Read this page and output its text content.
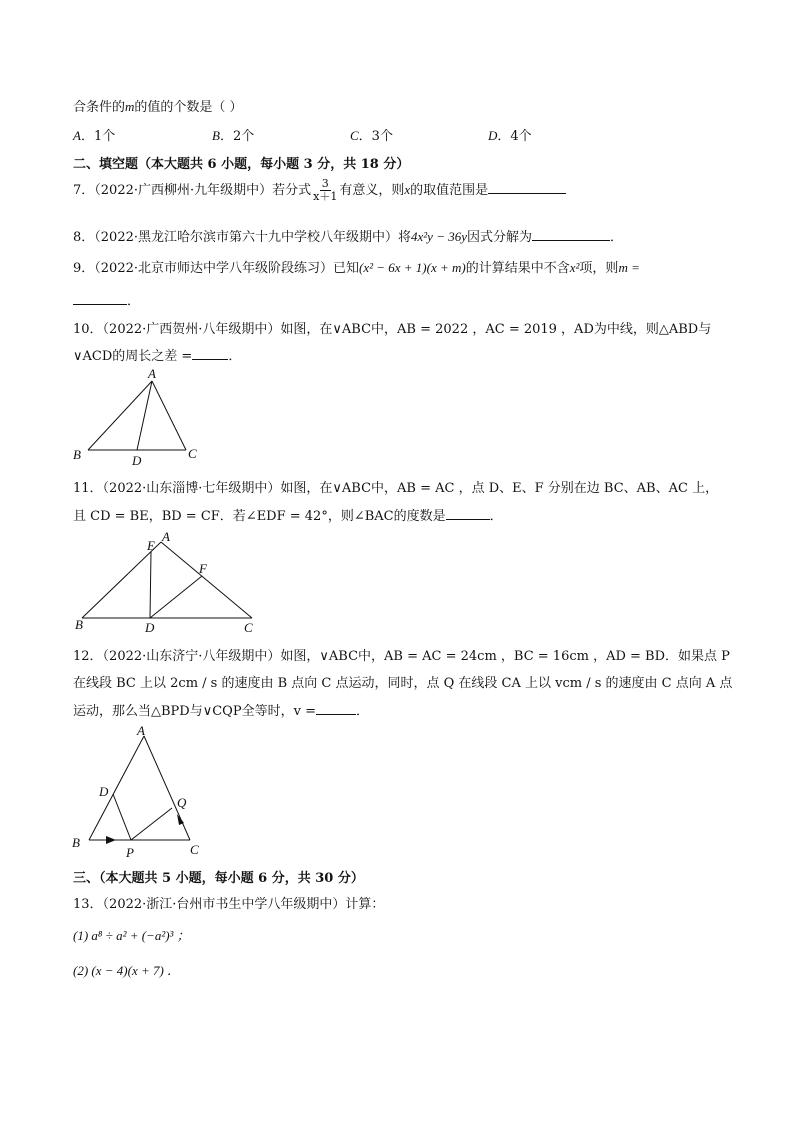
合条件的m的值的个数是（ ）
A．1个	B．2个	C．3个	D．4个
二、填空题（本大题共 6 小题，每小题 3 分，共 18 分）
7．（2022·广西柳州·九年级期中）若分式 $\frac{3}{x+1}$ 有意义，则x的取值范围是
8．（2022·黑龙江哈尔滨市第六十九中学校八年级期中）将4x²y − 36y因式分解为	．
9．（2022·北京市师达中学八年级阶段练习）已知(x² − 6x + 1)(x + m)的计算结果中不含x²项，则m =
．
10．（2022·广西贺州·八年级期中）如图，在∨ABC中，AB = 2022 ，AC = 2019 ，AD为中线，则△ABD与
∨ACD的周长之差 =	．
A
B	D	C
11．（2022·山东淄博·七年级期中）如图，在∨ABC中，AB = AC ，点 D、E、F 分别在边 BC、AB、AC 上，
且 CD = BE，BD = CF．若∠EDF = 42°，则∠BAC的度数是	．
E
A
F
B	D	C
12．（2022·山东济宁·八年级期中）如图，∨ABC中，AB = AC = 24cm ，BC = 16cm ，AD = BD．如果点 P
在线段 BC 上以 2cm / s 的速度由 B 点向 C 点运动，同时，点 Q 在线段 CA 上以 vcm / s 的速度由 C 点向 A 点
运动，那么当△BPD与∨CQP全等时，v =	．
A
D
Q
B
P	C
三、（本大题共 5 小题，每小题 6 分，共 30 分）
13．（2022·浙江·台州市书生中学八年级期中）计算：
(1) a⁸ ÷ a² + (−a²)³ ；
(2) (x − 4)(x + 7) ．
